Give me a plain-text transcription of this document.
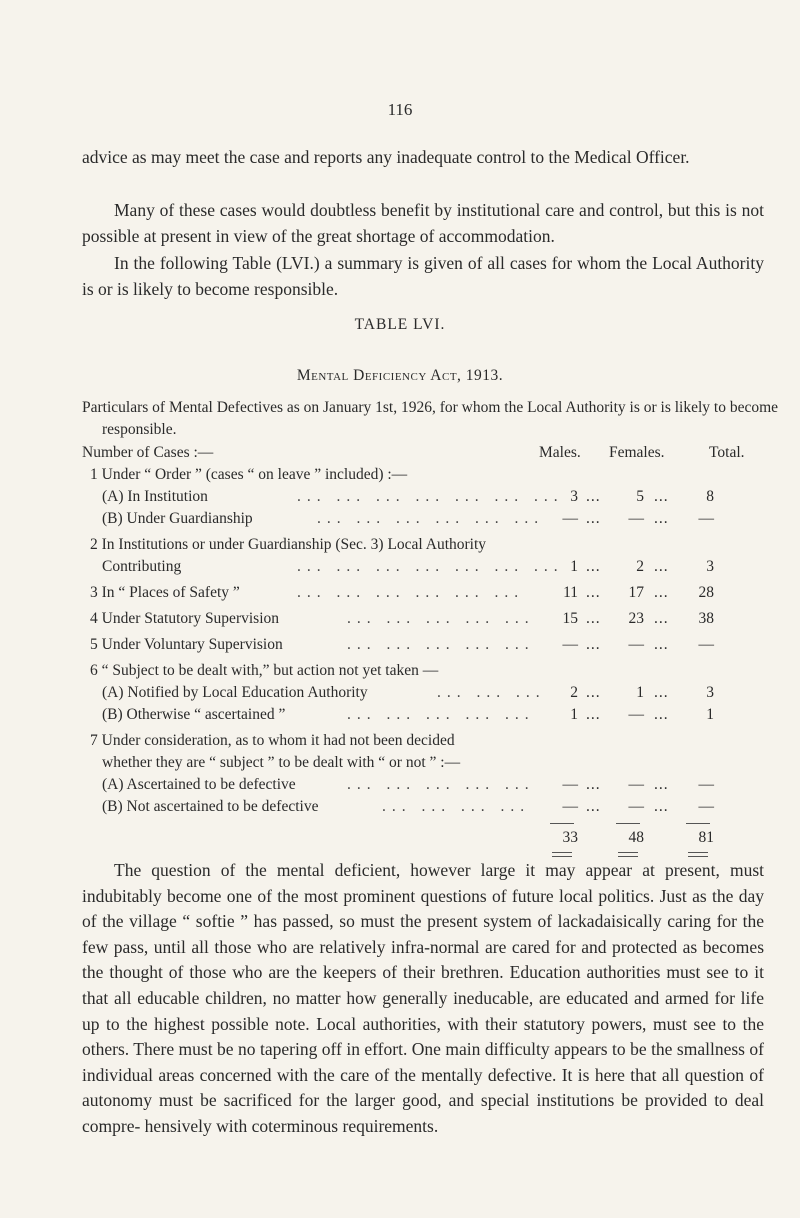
116

advice as may meet the case and reports any inadequate control to the Medical Officer.

Many of these cases would doubtless benefit by institutional care and control, but this is not possible at present in view of the great shortage of accommodation.

In the following Table (LVI.) a summary is given of all cases for whom the Local Authority is or is likely to become responsible.

TABLE LVI.
Mental Deficiency Act, 1913.

Particulars of Mental Defectives as on January 1st, 1926, for whom the Local Authority is or is likely to become responsible.

Number of Cases :—	Males. Females.	Total.
1 Under “ Order ” (cases “ on leave ” included) :—
(A) In Institution	... ... ... ... ... ... ... 3 ...	5 ...	8
(B) Under Guardianship	... ... ... ... ... ...	— ...	— ...	—
2 In Institutions or under Guardianship (Sec. 3) Local Authority
Contributing	... ... ... ... ... ... ... 1 ...	2 ...	3
3 In “ Places of Safety ”	... ... ... ... ... ...	11 ...	17 ...	28
4 Under Statutory Supervision	... ... ... ... ...	15 ...	23 ...	38
5 Under Voluntary Supervision	... ... ... ... ...	— ...	— ...	—
6 “ Subject to be dealt with,” but action not yet taken —
(A) Notified by Local Education Authority	... ... ...	2 ...	1 ...	3
(B) Otherwise “ ascertained ”	... ... ... ... ...	1 ...	— ...	1
7 Under consideration, as to whom it had not been decided
whether they are “ subject ” to be dealt with “ or not ” :—
(A) Ascertained to be defective	... ... ... ... ...	— ...	— ...	—
(B) Not ascertained to be defective	... ... ... ...	— ...	— ...	—
33	48	81

The question of the mental deficient, however large it may appear at present, must indubitably become one of the most prominent questions of future local politics. Just as the day of the village “ softie ” has passed, so must the present system of lackadaisically caring for the few pass, until all those who are relatively infra-normal are cared for and protected as becomes the thought of those who are the keepers of their brethren. Education authorities must see to it that all educable children, no matter how generally ineducable, are educated and armed for life up to the highest possible note. Local authorities, with their statutory powers, must see to the others. There must be no tapering off in effort. One main difficulty appears to be the smallness of individual areas concerned with the care of the mentally defective. It is here that all question of autonomy must be sacrificed for the larger good, and special institutions be provided to deal compre- hensively with coterminous requirements.
